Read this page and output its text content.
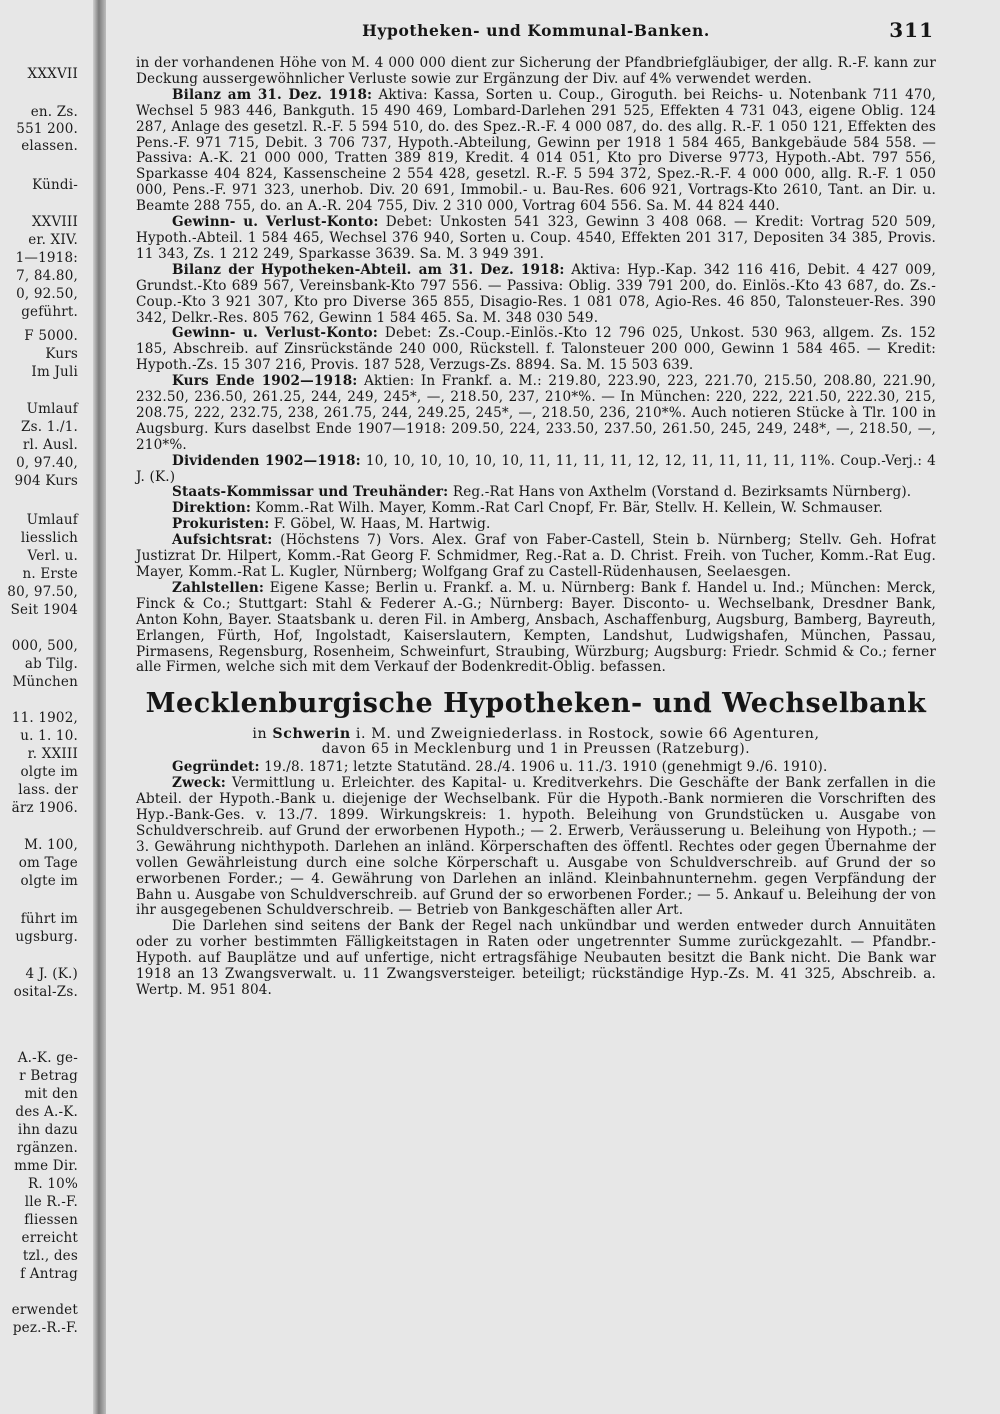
XXXVII
en. Zs.
551 200.
elassen.
Kündi-
XXVIII
er. XIV.
1—1918:
7, 84.80,
0, 92.50,
geführt.
F 5000.
Kurs
Im Juli
Umlauf
Zs. 1./1.
rl. Ausl.
0, 97.40,
904 Kurs
Umlauf
liesslich
Verl. u.
n. Erste
80, 97.50,
Seit 1904
000, 500,
ab Tilg.
München
11. 1902,
u. 1. 10.
r. XXIII
olgte im
lass. der
ärz 1906.
M. 100,
om Tage
olgte im
führt im
ugsburg.
4 J. (K.)
osital-Zs.
A.-K. ge-
r Betrag
mit den
des A.-K.
ihn dazu
rgänzen.
mme Dir.
R. 10%
lle R.-F.
fliessen
erreicht
tzl., des
f Antrag
erwendet
pez.-R.-F.
Hypotheken- und Kommunal-Banken.	311

in der vorhandenen Höhe von M. 4 000 000 dient zur Sicherung der Pfandbriefgläubiger, der allg. R.-F. kann zur Deckung aussergewöhnlicher Verluste sowie zur Ergänzung der Div. auf 4% verwendet werden.

Bilanz am 31. Dez. 1918: Aktiva: Kassa, Sorten u. Coup., Giroguth. bei Reichs- u. Notenbank 711 470, Wechsel 5 983 446, Bankguth. 15 490 469, Lombard-Darlehen 291 525, Effekten 4 731 043, eigene Oblig. 124 287, Anlage des gesetzl. R.-F. 5 594 510, do. des Spez.-R.-F. 4 000 087, do. des allg. R.-F. 1 050 121, Effekten des Pens.-F. 971 715, Debit. 3 706 737, Hypoth.-Abteilung, Gewinn per 1918 1 584 465, Bankgebäude 584 558. — Passiva: A.-K. 21 000 000, Tratten 389 819, Kredit. 4 014 051, Kto pro Diverse 9773, Hypoth.-Abt. 797 556, Sparkasse 404 824, Kassenscheine 2 554 428, gesetzl. R.-F. 5 594 372, Spez.-R.-F. 4 000 000, allg. R.-F. 1 050 000, Pens.-F. 971 323, unerhob. Div. 20 691, Immobil.- u. Bau-Res. 606 921, Vortrags-Kto 2610, Tant. an Dir. u. Beamte 288 755, do. an A.-R. 204 755, Div. 2 310 000, Vortrag 604 556. Sa. M. 44 824 440.

Gewinn- u. Verlust-Konto: Debet: Unkosten 541 323, Gewinn 3 408 068. — Kredit: Vortrag 520 509, Hypoth.-Abteil. 1 584 465, Wechsel 376 940, Sorten u. Coup. 4540, Effekten 201 317, Depositen 34 385, Provis. 11 343, Zs. 1 212 249, Sparkasse 3639. Sa. M. 3 949 391.

Bilanz der Hypotheken-Abteil. am 31. Dez. 1918: Aktiva: Hyp.-Kap. 342 116 416, Debit. 4 427 009, Grundst.-Kto 689 567, Vereinsbank-Kto 797 556. — Passiva: Oblig. 339 791 200, do. Einlös.-Kto 43 687, do. Zs.-Coup.-Kto 3 921 307, Kto pro Diverse 365 855, Disagio-Res. 1 081 078, Agio-Res. 46 850, Talonsteuer-Res. 390 342, Delkr.-Res. 805 762, Gewinn 1 584 465. Sa. M. 348 030 549.

Gewinn- u. Verlust-Konto: Debet: Zs.-Coup.-Einlös.-Kto 12 796 025, Unkost. 530 963, allgem. Zs. 152 185, Abschreib. auf Zinsrückstände 240 000, Rückstell. f. Talonsteuer 200 000, Gewinn 1 584 465. — Kredit: Hypoth.-Zs. 15 307 216, Provis. 187 528, Verzugs-Zs. 8894. Sa. M. 15 503 639.

Kurs Ende 1902—1918: Aktien: In Frankf. a. M.: 219.80, 223.90, 223, 221.70, 215.50, 208.80, 221.90, 232.50, 236.50, 261.25, 244, 249, 245*, —, 218.50, 237, 210*%. — In München: 220, 222, 221.50, 222.30, 215, 208.75, 222, 232.75, 238, 261.75, 244, 249.25, 245*, —, 218.50, 236, 210*%. Auch notieren Stücke à Tlr. 100 in Augsburg. Kurs daselbst Ende 1907—1918: 209.50, 224, 233.50, 237.50, 261.50, 245, 249, 248*, —, 218.50, —, 210*%.

Dividenden 1902—1918: 10, 10, 10, 10, 10, 10, 11, 11, 11, 11, 12, 12, 11, 11, 11, 11, 11%. Coup.-Verj.: 4 J. (K.)

Staats-Kommissar und Treuhänder: Reg.-Rat Hans von Axthelm (Vorstand d. Bezirksamts Nürnberg).

Direktion: Komm.-Rat Wilh. Mayer, Komm.-Rat Carl Cnopf, Fr. Bär, Stellv. H. Kellein, W. Schmauser.

Prokuristen: F. Göbel, W. Haas, M. Hartwig.

Aufsichtsrat: (Höchstens 7) Vors. Alex. Graf von Faber-Castell, Stein b. Nürnberg; Stellv. Geh. Hofrat Justizrat Dr. Hilpert, Komm.-Rat Georg F. Schmidmer, Reg.-Rat a. D. Christ. Freih. von Tucher, Komm.-Rat Eug. Mayer, Komm.-Rat L. Kugler, Nürnberg; Wolfgang Graf zu Castell-Rüdenhausen, Seelaesgen.

Zahlstellen: Eigene Kasse; Berlin u. Frankf. a. M. u. Nürnberg: Bank f. Handel u. Ind.; München: Merck, Finck & Co.; Stuttgart: Stahl & Federer A.-G.; Nürnberg: Bayer. Disconto- u. Wechselbank, Dresdner Bank, Anton Kohn, Bayer. Staatsbank u. deren Fil. in Amberg, Ansbach, Aschaffenburg, Augsburg, Bamberg, Bayreuth, Erlangen, Fürth, Hof, Ingolstadt, Kaiserslautern, Kempten, Landshut, Ludwigshafen, München, Passau, Pirmasens, Regensburg, Rosenheim, Schweinfurt, Straubing, Würzburg; Augsburg: Friedr. Schmid & Co.; ferner alle Firmen, welche sich mit dem Verkauf der Bodenkredit-Oblig. befassen.

Mecklenburgische Hypotheken- und Wechselbank

in Schwerin i. M. und Zweigniederlass. in Rostock, sowie 66 Agenturen,

davon 65 in Mecklenburg und 1 in Preussen (Ratzeburg).

Gegründet: 19./8. 1871; letzte Statutänd. 28./4. 1906 u. 11./3. 1910 (genehmigt 9./6. 1910).

Zweck: Vermittlung u. Erleichter. des Kapital- u. Kreditverkehrs. Die Geschäfte der Bank zerfallen in die Abteil. der Hypoth.-Bank u. diejenige der Wechselbank. Für die Hypoth.-Bank normieren die Vorschriften des Hyp.-Bank-Ges. v. 13./7. 1899. Wirkungskreis: 1. hypoth. Beleihung von Grundstücken u. Ausgabe von Schuldverschreib. auf Grund der erworbenen Hypoth.; — 2. Erwerb, Veräusserung u. Beleihung von Hypoth.; — 3. Gewährung nichthypoth. Darlehen an inländ. Körperschaften des öffentl. Rechtes oder gegen Übernahme der vollen Gewährleistung durch eine solche Körperschaft u. Ausgabe von Schuldverschreib. auf Grund der so erworbenen Forder.; — 4. Gewährung von Darlehen an inländ. Kleinbahnunternehm. gegen Verpfändung der Bahn u. Ausgabe von Schuldverschreib. auf Grund der so erworbenen Forder.; — 5. Ankauf u. Beleihung der von ihr ausgegebenen Schuldverschreib. — Betrieb von Bankgeschäften aller Art.

Die Darlehen sind seitens der Bank der Regel nach unkündbar und werden entweder durch Annuitäten oder zu vorher bestimmten Fälligkeitstagen in Raten oder ungetrennter Summe zurückgezahlt. — Pfandbr.-Hypoth. auf Bauplätze und auf unfertige, nicht ertragsfähige Neubauten besitzt die Bank nicht. Die Bank war 1918 an 13 Zwangsverwalt. u. 11 Zwangsversteiger. beteiligt; rückständige Hyp.-Zs. M. 41 325, Abschreib. a. Wertp. M. 951 804.
